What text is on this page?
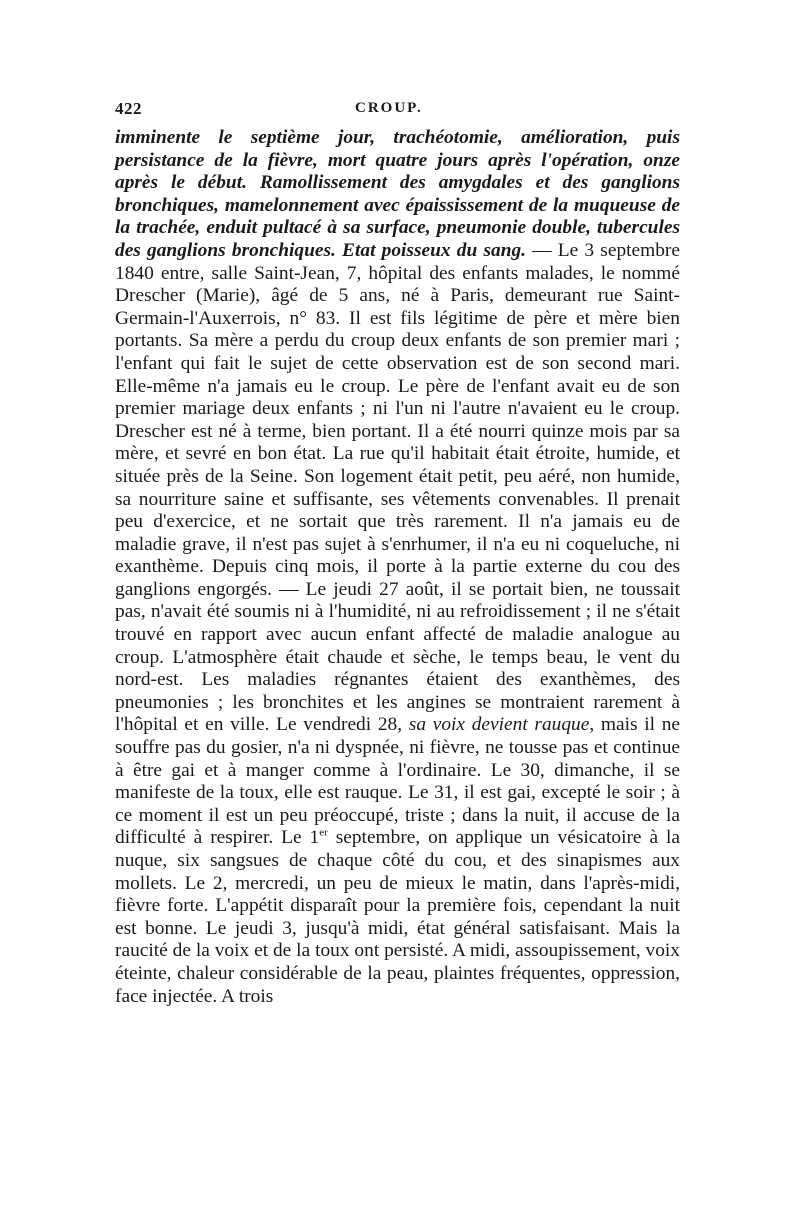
422	CROUP.

imminente le septième jour, trachéotomie, amélioration, puis persistance de la fièvre, mort quatre jours après l'opération, onze après le début. Ramollissement des amygdales et des ganglions bronchiques, mamelonnement avec épaississement de la muqueuse de la trachée, enduit pultacé à sa surface, pneumonie double, tubercules des ganglions bronchiques. Etat poisseux du sang. — Le 3 septembre 1840 entre, salle Saint-Jean, 7, hôpital des enfants malades, le nommé Drescher (Marie), âgé de 5 ans, né à Paris, demeurant rue Saint-Germain-l'Auxerrois, n° 83. Il est fils légitime de père et mère bien portants. Sa mère a perdu du croup deux enfants de son premier mari ; l'enfant qui fait le sujet de cette observation est de son second mari. Elle-même n'a jamais eu le croup. Le père de l'enfant avait eu de son premier mariage deux enfants ; ni l'un ni l'autre n'avaient eu le croup. Drescher est né à terme, bien portant. Il a été nourri quinze mois par sa mère, et sevré en bon état. La rue qu'il habitait était étroite, humide, et située près de la Seine. Son logement était petit, peu aéré, non humide, sa nourriture saine et suffisante, ses vêtements convenables. Il prenait peu d'exercice, et ne sortait que très rarement. Il n'a jamais eu de maladie grave, il n'est pas sujet à s'enrhumer, il n'a eu ni coqueluche, ni exanthème. Depuis cinq mois, il porte à la partie externe du cou des ganglions engorgés. — Le jeudi 27 août, il se portait bien, ne toussait pas, n'avait été soumis ni à l'humidité, ni au refroidissement ; il ne s'était trouvé en rapport avec aucun enfant affecté de maladie analogue au croup. L'atmosphère était chaude et sèche, le temps beau, le vent du nord-est. Les maladies régnantes étaient des exanthèmes, des pneumonies ; les bronchites et les angines se montraient rarement à l'hôpital et en ville. Le vendredi 28, sa voix devient rauque, mais il ne souffre pas du gosier, n'a ni dyspnée, ni fièvre, ne tousse pas et continue à être gai et à manger comme à l'ordinaire. Le 30, dimanche, il se manifeste de la toux, elle est rauque. Le 31, il est gai, excepté le soir ; à ce moment il est un peu préoccupé, triste ; dans la nuit, il accuse de la difficulté à respirer. Le 1er septembre, on applique un vésicatoire à la nuque, six sangsues de chaque côté du cou, et des sinapismes aux mollets. Le 2, mercredi, un peu de mieux le matin, dans l'après-midi, fièvre forte. L'appétit disparaît pour la première fois, cependant la nuit est bonne. Le jeudi 3, jusqu'à midi, état général satisfaisant. Mais la raucité de la voix et de la toux ont persisté. A midi, assoupissement, voix éteinte, chaleur considérable de la peau, plaintes fréquentes, oppression, face injectée. A trois
